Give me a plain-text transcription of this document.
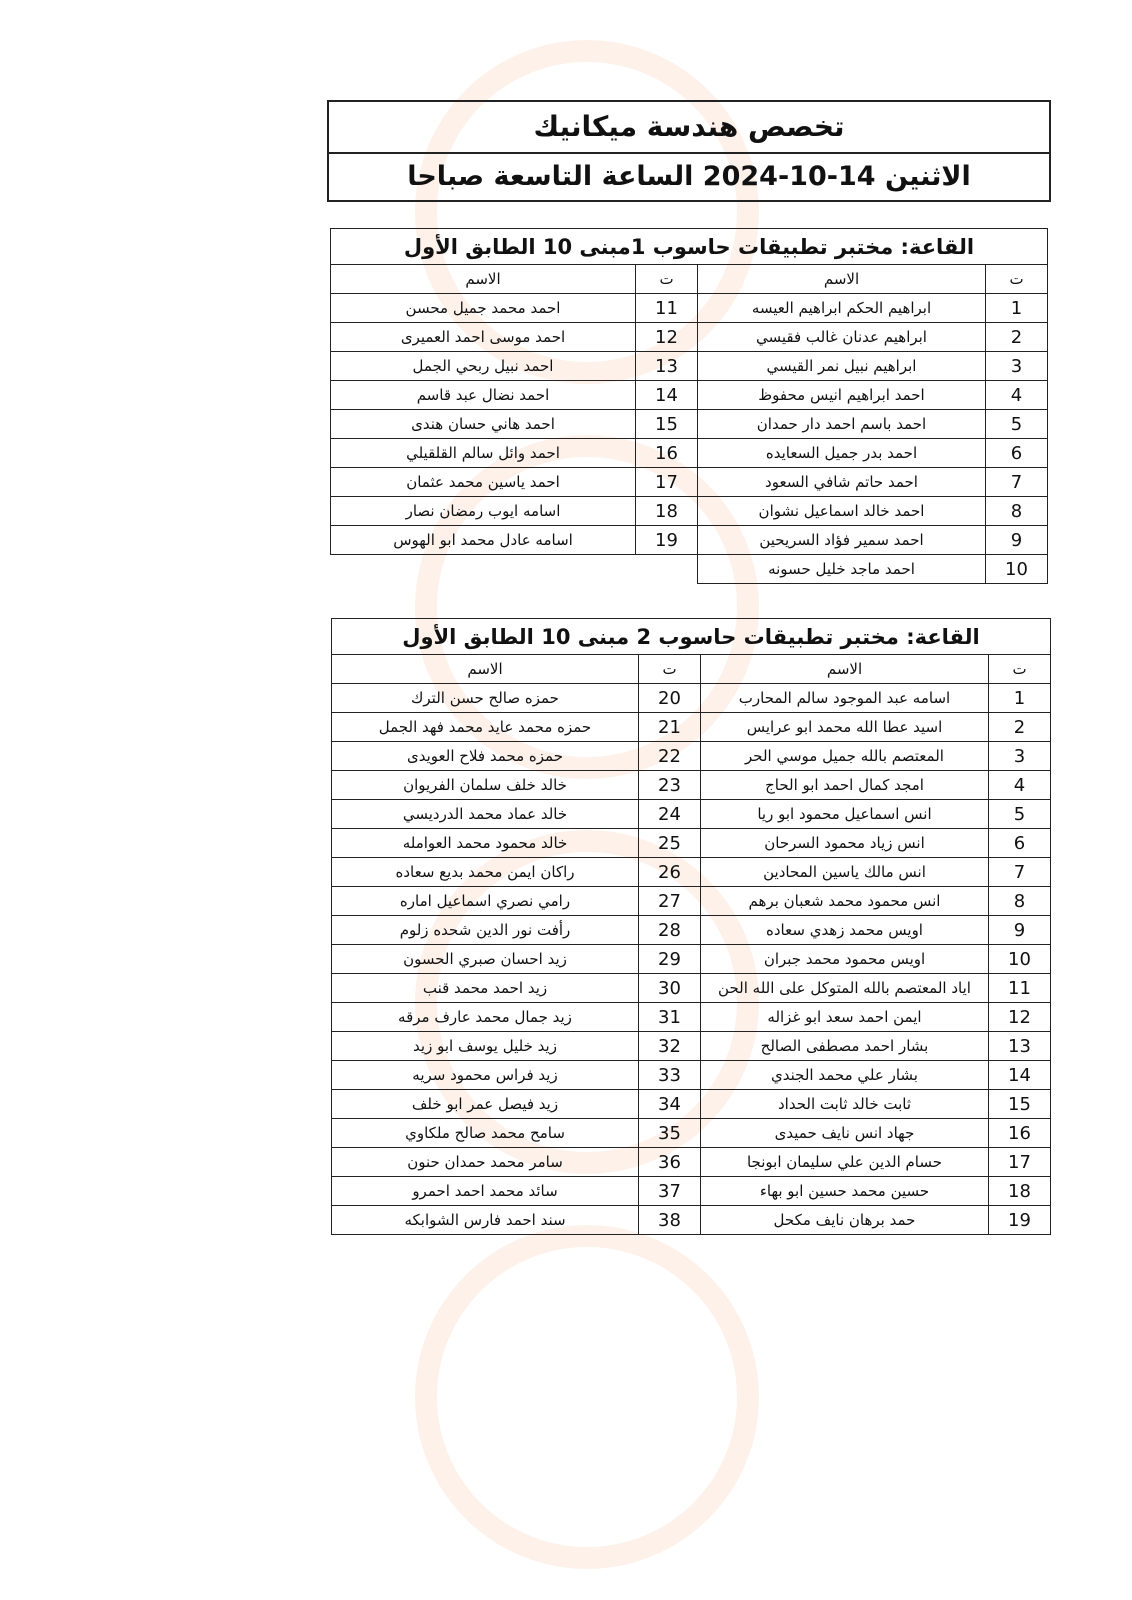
تخصص هندسة ميكانيك
الاثنين 14-10-2024 الساعة التاسعة صباحا
القاعة: مختبر تطبيقات حاسوب 1مبنى 10 الطابق الأول			
ت	الاسم	ت	الاسم
1	ابراهيم الحكم ابراهيم العيسه	11	احمد محمد جميل محسن
2	ابراهيم عدنان غالب فقيسي	12	احمد موسى احمد العميرى
3	ابراهيم نبيل نمر القيسي	13	احمد نبيل ربحي الجمل
4	احمد ابراهيم انيس محفوظ	14	احمد نضال عبد قاسم
5	احمد باسم احمد دار حمدان	15	احمد هاني حسان هندى
6	احمد بدر جميل السعايده	16	احمد وائل سالم القلقيلي
7	احمد حاتم شافي السعود	17	احمد ياسين محمد عثمان
8	احمد خالد اسماعيل نشوان	18	اسامه ايوب رمضان نصار
9	احمد سمير فؤاد السريحين	19	اسامه عادل محمد ابو الهوس
10	احمد ماجد خليل حسونه		
القاعة: مختبر تطبيقات حاسوب 2 مبنى 10 الطابق الأول			
ت	الاسم	ت	الاسم
1	اسامه عبد الموجود سالم المحارب	20	حمزه صالح حسن الترك
2	اسيد عطا الله محمد ابو عرايس	21	حمزه محمد عايد محمد فهد الجمل
3	المعتصم بالله جميل موسي الحر	22	حمزه محمد فلاح العويدى
4	امجد كمال احمد ابو الحاج	23	خالد خلف سلمان الفريوان
5	انس اسماعيل محمود ابو ريا	24	خالد عماد محمد الدرديسي
6	انس زياد محمود السرحان	25	خالد محمود محمد العوامله
7	انس مالك ياسين المحادين	26	راكان ايمن محمد بديع سعاده
8	انس محمود محمد شعبان برهم	27	رامي نصري اسماعيل اماره
9	اويس محمد زهدي سعاده	28	رأفت نور الدين شحده زلوم
10	اويس محمود محمد جبران	29	زيد احسان صبري الحسون
11	اياد المعتصم بالله المتوكل على الله الحن	30	زيد احمد محمد قنب
12	ايمن احمد سعد ابو غزاله	31	زيد جمال محمد عارف مرقه
13	بشار احمد مصطفى الصالح	32	زيد خليل يوسف ابو زيد
14	بشار علي محمد الجندي	33	زيد فراس محمود سريه
15	ثابت خالد ثابت الحداد	34	زيد فيصل عمر ابو خلف
16	جهاد انس نايف حميدى	35	سامح محمد صالح ملكاوي
17	حسام الدين علي سليمان ابونجا	36	سامر محمد حمدان حنون
18	حسين محمد حسين ابو بهاء	37	سائد محمد احمد احمرو
19	حمد برهان نايف مكحل	38	سند احمد فارس الشوابكه
